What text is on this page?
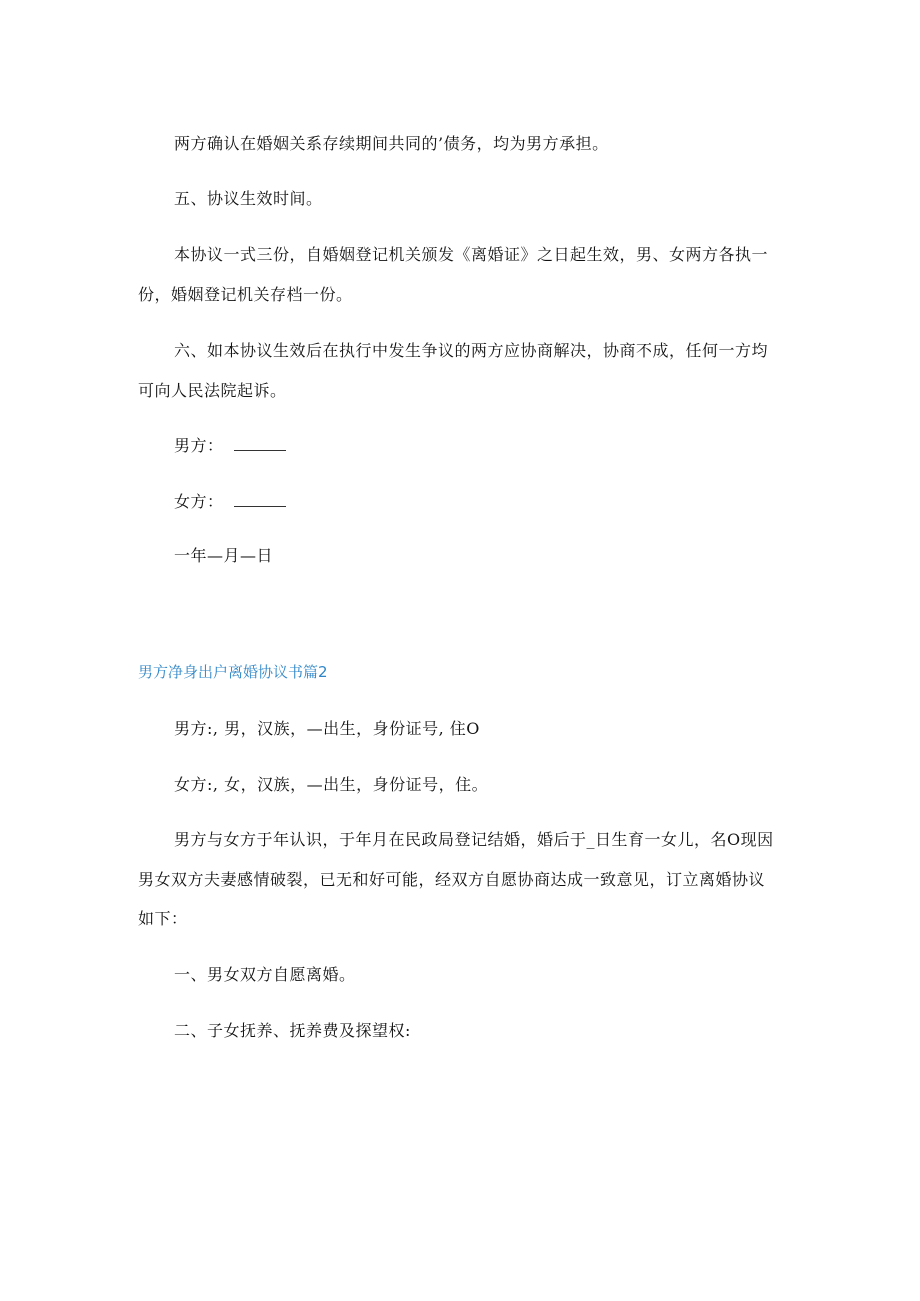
两方确认在婚姻关系存续期间共同的’债务，均为男方承担。
五、协议生效时间。
本协议一式三份，自婚姻登记机关颁发《离婚证》之日起生效，男、女两方各执一
份，婚姻登记机关存档一份。
六、如本协议生效后在执行中发生争议的两方应协商解决，协商不成，任何一方均
可向人民法院起诉。
男方：
女方：
一年—月—日
男方净身出户离婚协议书篇2
男方:, 男，汉族，—出生，身份证号, 住O
女方:, 女，汉族，—出生，身份证号，住。
男方与女方于年认识，于年月在民政局登记结婚，婚后于_日生育一女儿，名O现因
男女双方夫妻感情破裂，已无和好可能，经双方自愿协商达成一致意见，订立离婚协议
如下：
一、男女双方自愿离婚。
二、子女抚养、抚养费及探望权:
